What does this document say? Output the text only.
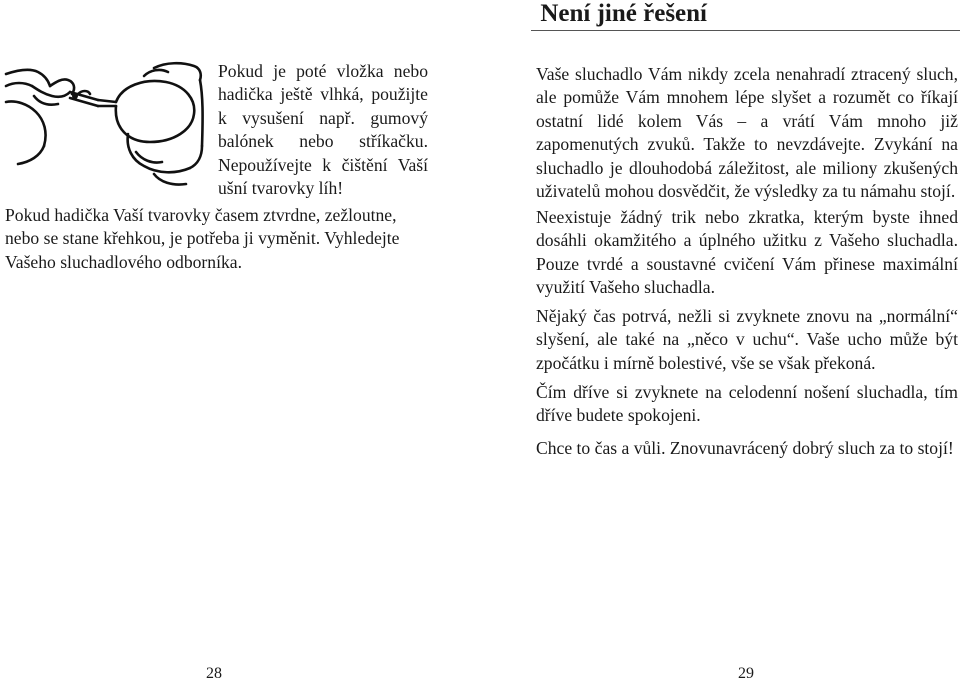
Pokud je poté vložka nebo hadička ještě vlhká, použijte k vysušení např. gumový balónek nebo stříkačku. Nepoužívejte k čištění Vaší ušní tvarovky líh!

Pokud hadička Vaší tvarovky časem ztvrdne, zežloutne, nebo se stane křehkou, je potřeba ji vyměnit. Vyhledejte Vašeho sluchadlového odborníka.

28
Není jiné řešení

Vaše sluchadlo Vám nikdy zcela nenahradí ztracený sluch, ale pomůže Vám mnohem lépe slyšet a rozumět co říkají ostatní lidé kolem Vás – a vrátí Vám mnoho již zapomenutých zvuků. Takže to nevzdávejte. Zvykání na sluchadlo je dlouhodobá záležitost, ale miliony zkušených uživatelů mohou dosvědčit, že výsledky za tu námahu stojí.

Neexistuje žádný trik nebo zkratka, kterým byste ihned dosáhli okamžitého a úplného užitku z Vašeho sluchadla. Pouze tvrdé a soustavné cvičení Vám přinese maximální využití Vašeho sluchadla.

Nějaký čas potrvá, nežli si zvyknete znovu na „normální“ slyšení, ale také na „něco v uchu“. Vaše ucho může být zpočátku i mírně bolestivé, vše se však překoná.

Čím dříve si zvyknete na celodenní nošení sluchadla, tím dříve budete spokojeni.

Chce to čas a vůli. Znovunavrácený dobrý sluch za to stojí!

29
